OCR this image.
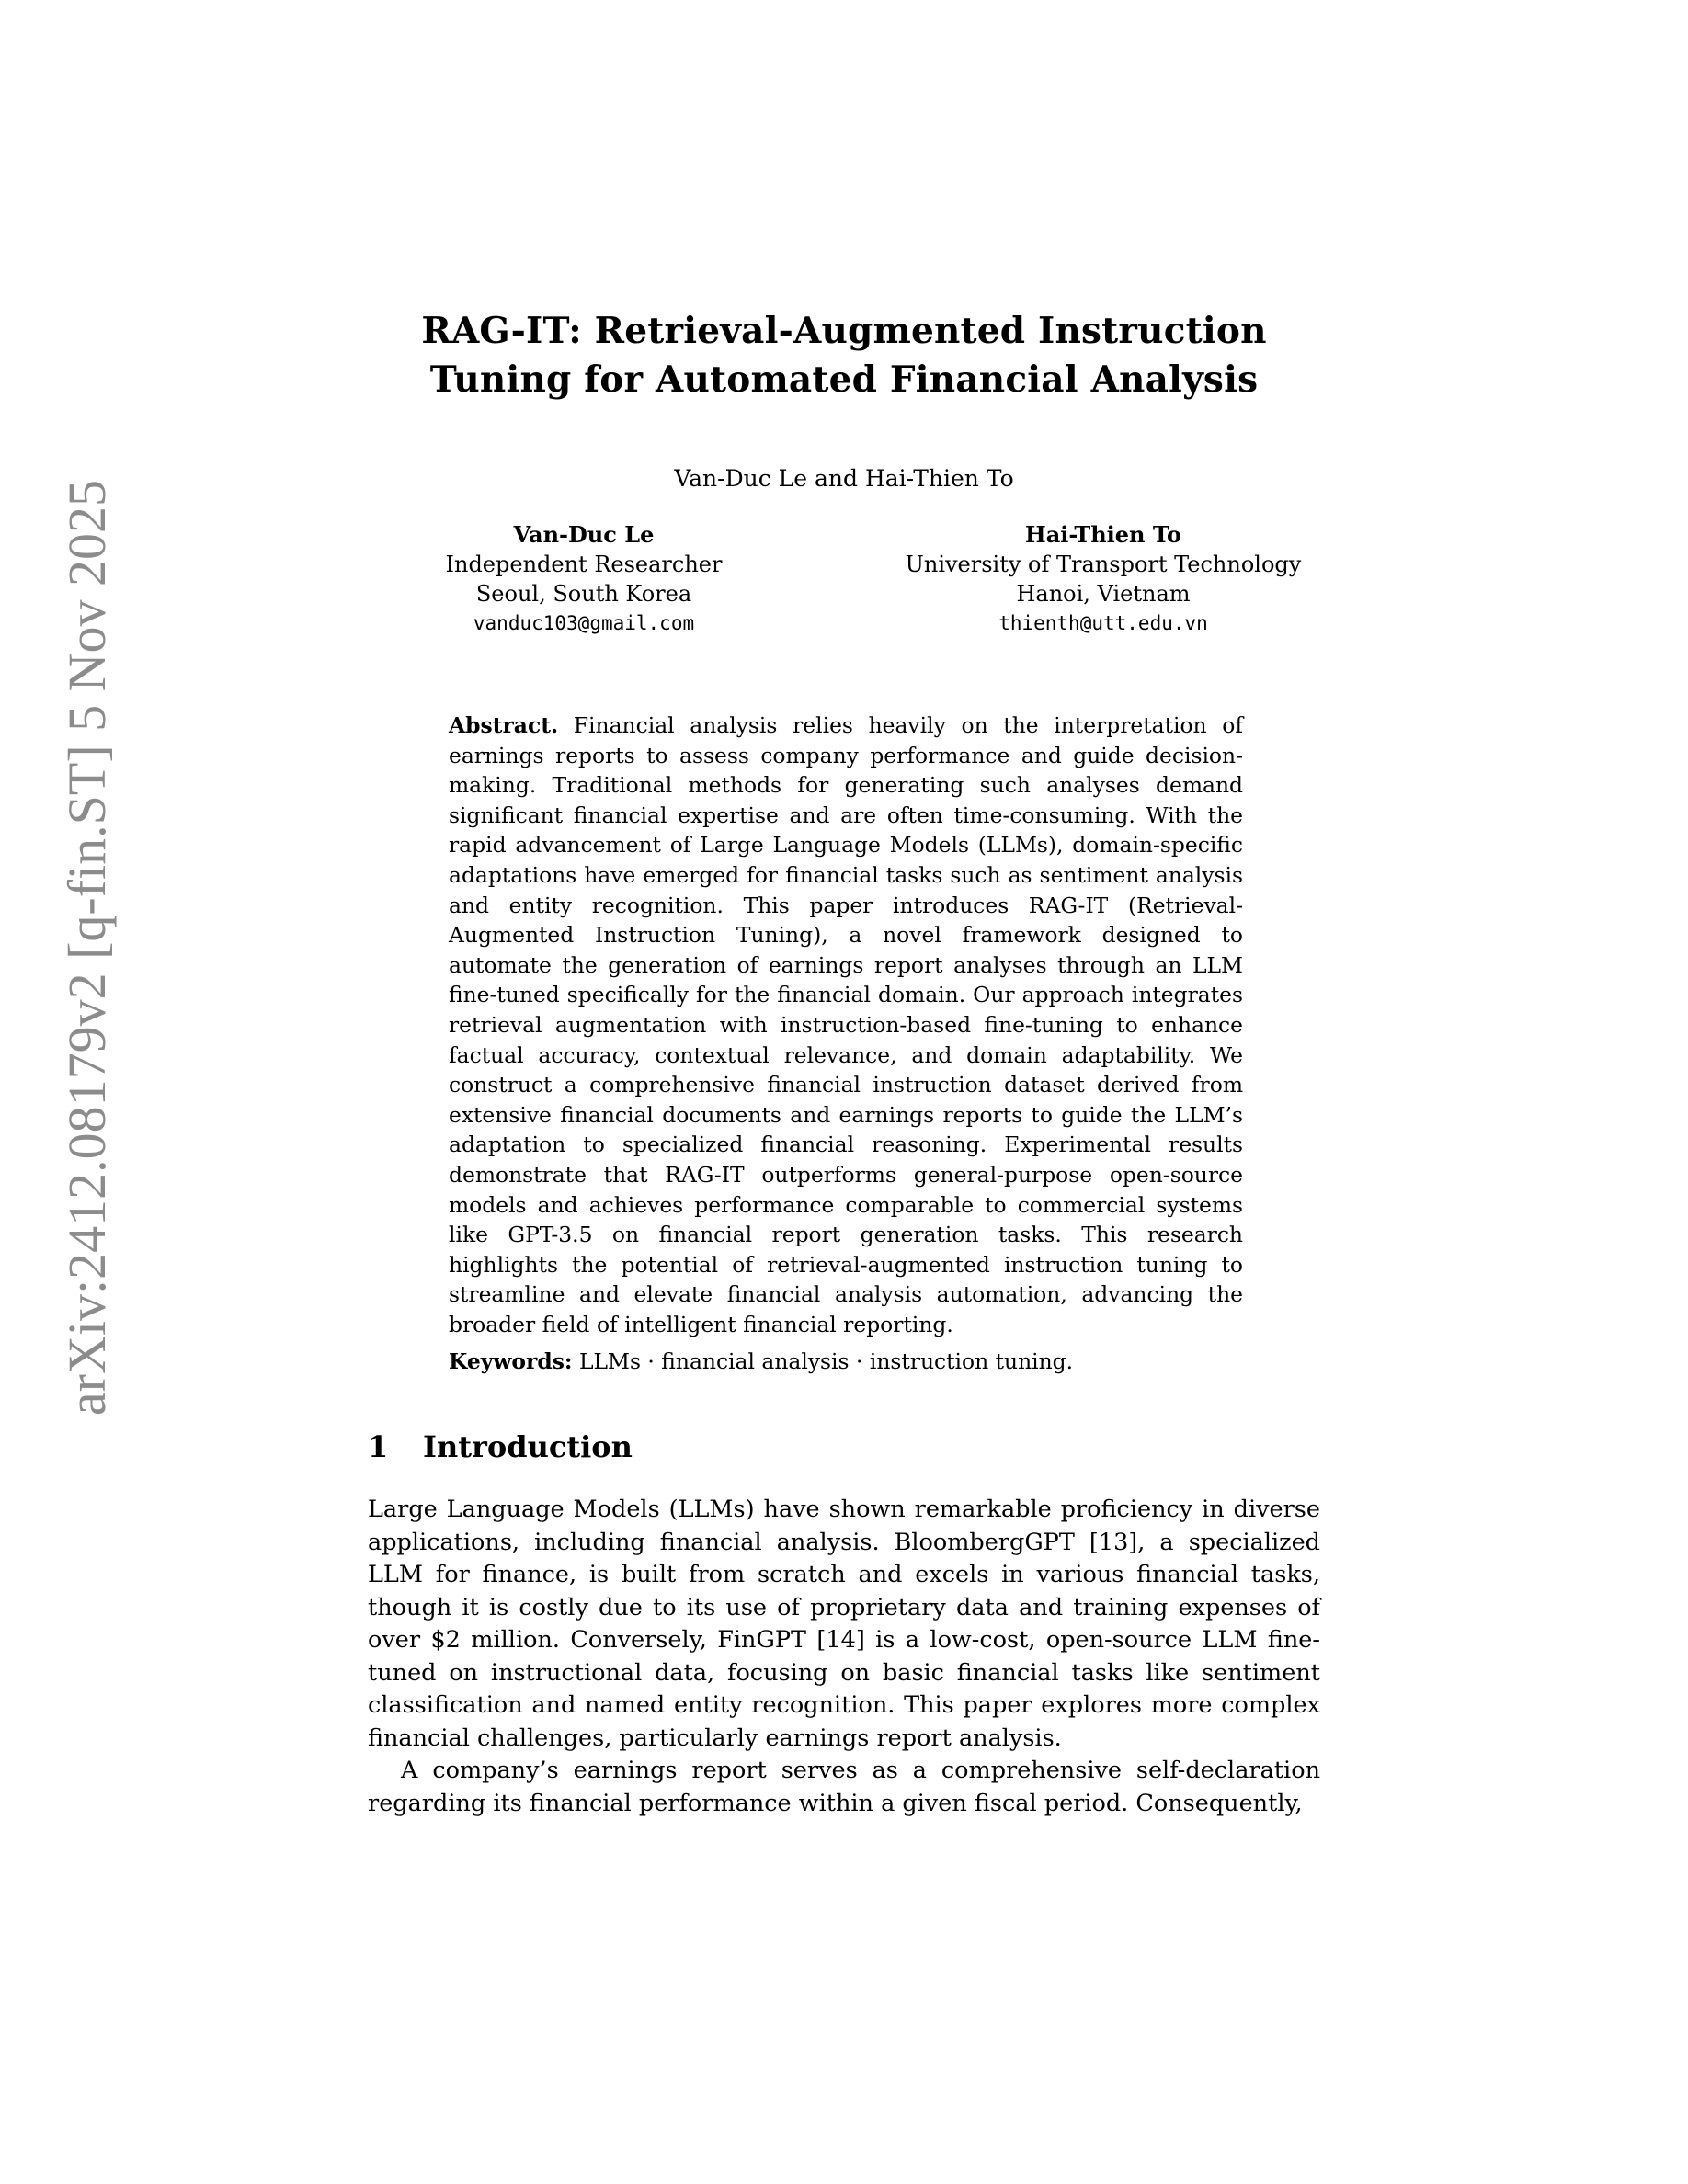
arXiv:2412.08179v2 [q-fin.ST] 5 Nov 2025
RAG-IT: Retrieval-Augmented Instruction
Tuning for Automated Financial Analysis
Van-Duc Le and Hai-Thien To
Van-Duc Le
Independent Researcher
Seoul, South Korea
vanduc103@gmail.com
Hai-Thien To
University of Transport Technology
Hanoi, Vietnam
thienth@utt.edu.vn
Abstract. Financial analysis relies heavily on the interpretation of earnings reports to assess company performance and guide decision-making. Traditional methods for generating such analyses demand significant financial expertise and are often time-consuming. With the rapid advancement of Large Language Models (LLMs), domain-specific adaptations have emerged for financial tasks such as sentiment analysis and entity recognition. This paper introduces RAG-IT (Retrieval-Augmented Instruction Tuning), a novel framework designed to automate the generation of earnings report analyses through an LLM fine-tuned specifically for the financial domain. Our approach integrates retrieval augmentation with instruction-based fine-tuning to enhance factual accuracy, contextual relevance, and domain adaptability. We construct a comprehensive financial instruction dataset derived from extensive financial documents and earnings reports to guide the LLM’s adaptation to specialized financial reasoning. Experimental results demonstrate that RAG-IT outperforms general-purpose open-source models and achieves performance comparable to commercial systems like GPT-3.5 on financial report generation tasks. This research highlights the potential of retrieval-augmented instruction tuning to streamline and elevate financial analysis automation, advancing the broader field of intelligent financial reporting.
Keywords: LLMs · financial analysis · instruction tuning.
1 Introduction

Large Language Models (LLMs) have shown remarkable proficiency in diverse applications, including financial analysis. BloombergGPT [13], a specialized LLM for finance, is built from scratch and excels in various financial tasks, though it is costly due to its use of proprietary data and training expenses of over $2 million. Conversely, FinGPT [14] is a low-cost, open-source LLM fine-tuned on instructional data, focusing on basic financial tasks like sentiment classification and named entity recognition. This paper explores more complex financial challenges, particularly earnings report analysis.

A company’s earnings report serves as a comprehensive self-declaration regarding its financial performance within a given fiscal period. Consequently,
